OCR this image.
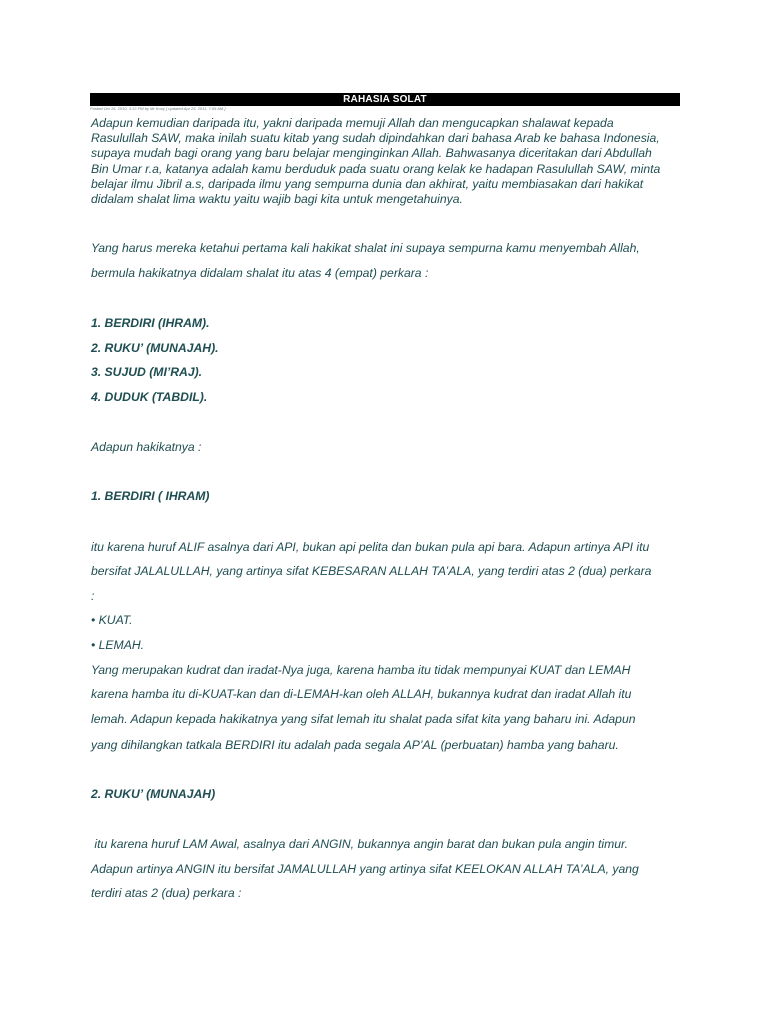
RAHASIA SOLAT
Posted Oct 15, 2010, 3:13 PM by Mr Kooy [ updated Apr 25, 2011, 7:05 AM ]
Adapun kemudian daripada itu, yakni daripada memuji Allah dan mengucapkan shalawat kepada Rasulullah SAW, maka inilah suatu kitab yang sudah dipindahkan dari bahasa Arab ke bahasa Indonesia, supaya mudah bagi orang yang baru belajar menginginkan Allah. Bahwasanya diceritakan dari Abdullah Bin Umar r.a, katanya adalah kamu berduduk pada suatu orang kelak ke hadapan Rasulullah SAW, minta belajar ilmu Jibril a.s, daripada ilmu yang sempurna dunia dan akhirat, yaitu membiasakan dari hakikat didalam shalat lima waktu yaitu wajib bagi kita untuk mengetahuinya.
Yang harus mereka ketahui pertama kali hakikat shalat ini supaya sempurna kamu menyembah Allah,
bermula hakikatnya didalam shalat itu atas 4 (empat) perkara :
1. BERDIRI (IHRAM).
2. RUKU’ (MUNAJAH).
3. SUJUD (MI’RAJ).
4. DUDUK (TABDIL).
Adapun hakikatnya :
1. BERDIRI ( IHRAM)
itu karena huruf ALIF asalnya dari API, bukan api pelita dan bukan pula api bara. Adapun artinya API itu
bersifat JALALULLAH, yang artinya sifat KEBESARAN ALLAH TA’ALA, yang terdiri atas 2 (dua) perkara
:
• KUAT.
• LEMAH.
Yang merupakan kudrat dan iradat-Nya juga, karena hamba itu tidak mempunyai KUAT dan LEMAH
karena hamba itu di-KUAT-kan dan di-LEMAH-kan oleh ALLAH, bukannya kudrat dan iradat Allah itu
lemah. Adapun kepada hakikatnya yang sifat lemah itu shalat pada sifat kita yang baharu ini. Adapun
yang dihilangkan tatkala BERDIRI itu adalah pada segala AP’AL (perbuatan) hamba yang baharu.
2. RUKU’ (MUNAJAH)
itu karena huruf LAM Awal, asalnya dari ANGIN, bukannya angin barat dan bukan pula angin timur.
Adapun artinya ANGIN itu bersifat JAMALULLAH yang artinya sifat KEELOKAN ALLAH TA’ALA, yang
terdiri atas 2 (dua) perkara :
